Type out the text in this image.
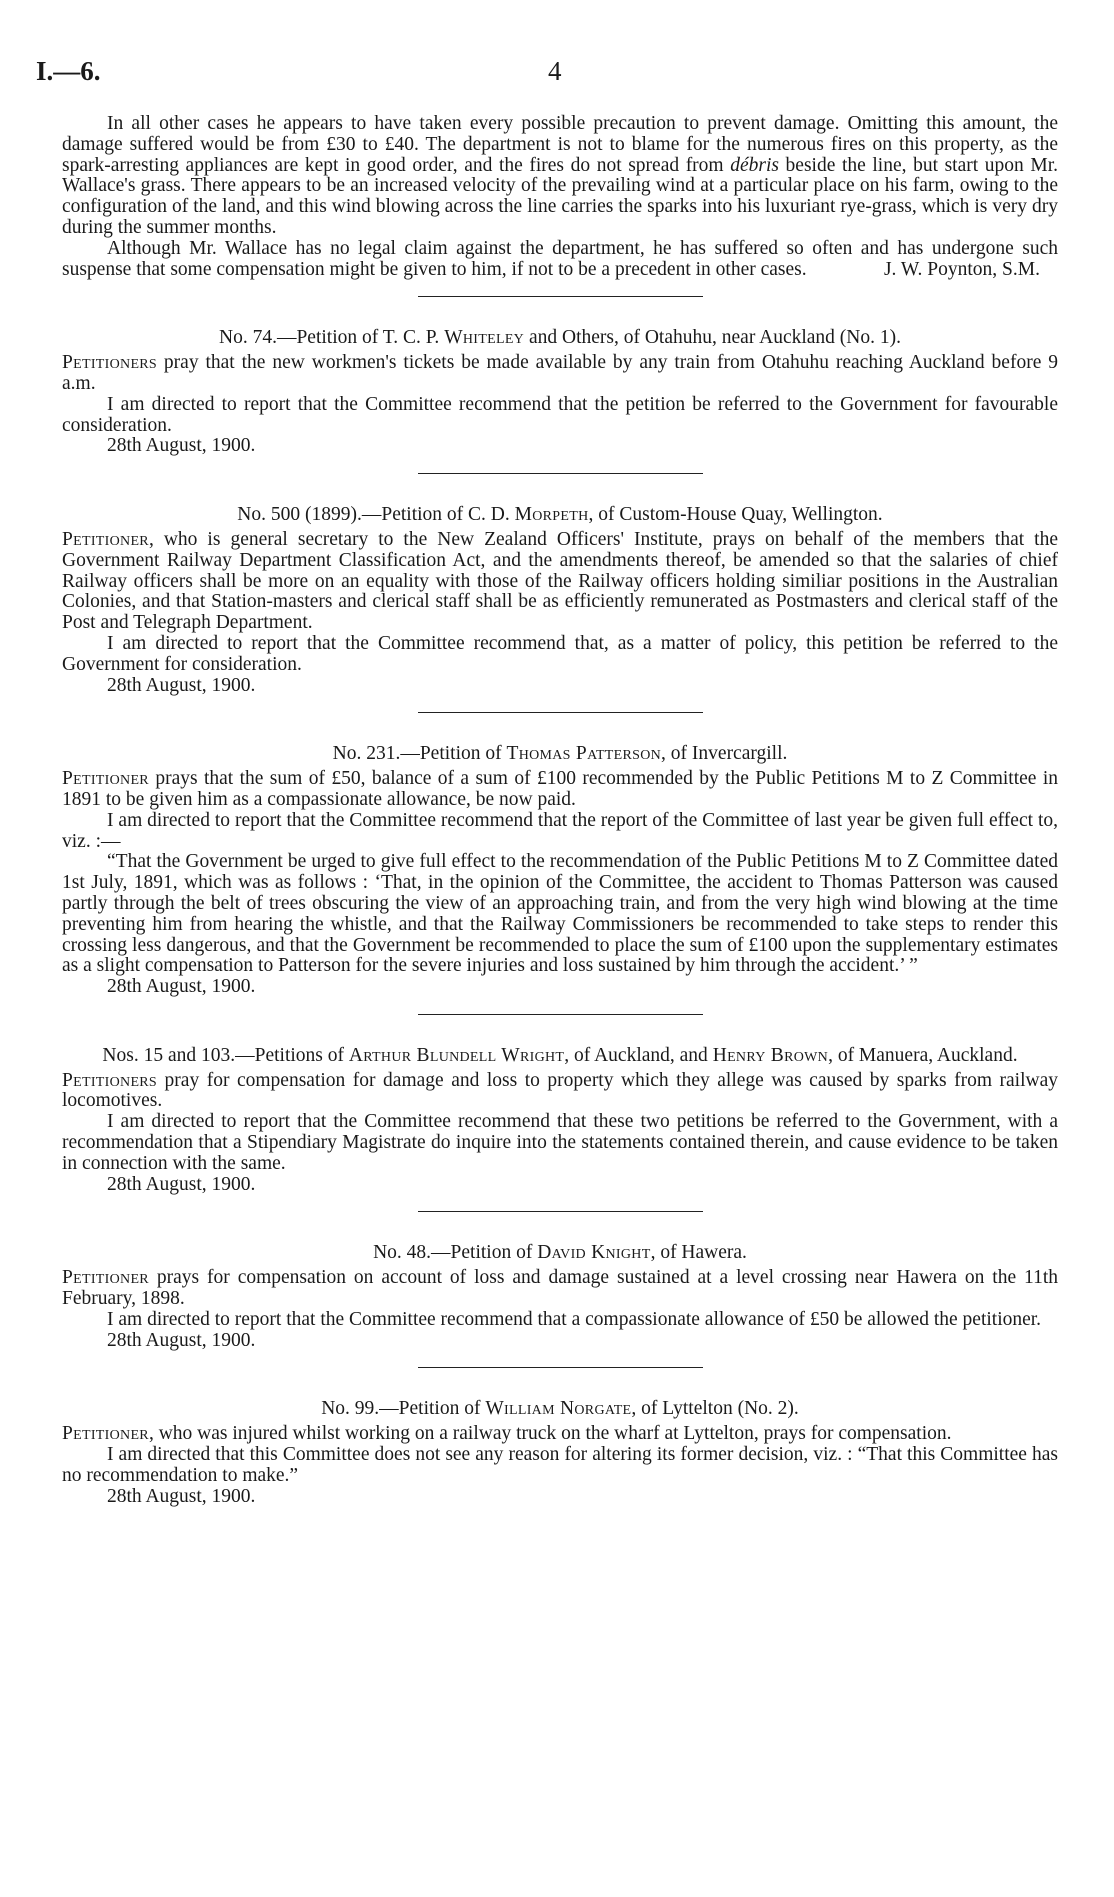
I.—6.	4

In all other cases he appears to have taken every possible precaution to prevent damage. Omitting this amount, the damage suffered would be from £30 to £40. The department is not to blame for the numerous fires on this property, as the spark-arresting appliances are kept in good order, and the fires do not spread from débris beside the line, but start upon Mr. Wallace's grass. There appears to be an increased velocity of the prevailing wind at a particular place on his farm, owing to the configuration of the land, and this wind blowing across the line carries the sparks into his luxuriant rye-grass, which is very dry during the summer months.

Although Mr. Wallace has no legal claim against the department, he has suffered so often and has undergone such suspense that some compensation might be given to him, if not to be a precedent in other cases.	J. W. Poynton, S.M.

No. 74.—Petition of T. C. P. Whiteley and Others, of Otahuhu, near Auckland (No. 1).

Petitioners pray that the new workmen's tickets be made available by any train from Otahuhu reaching Auckland before 9 a.m.

I am directed to report that the Committee recommend that the petition be referred to the Government for favourable consideration.

28th August, 1900.

No. 500 (1899).—Petition of C. D. Morpeth, of Custom-House Quay, Wellington.

Petitioner, who is general secretary to the New Zealand Officers' Institute, prays on behalf of the members that the Government Railway Department Classification Act, and the amendments thereof, be amended so that the salaries of chief Railway officers shall be more on an equality with those of the Railway officers holding similiar positions in the Australian Colonies, and that Station-masters and clerical staff shall be as efficiently remunerated as Postmasters and clerical staff of the Post and Telegraph Department.

I am directed to report that the Committee recommend that, as a matter of policy, this petition be referred to the Government for consideration.

28th August, 1900.

No. 231.—Petition of Thomas Patterson, of Invercargill.

Petitioner prays that the sum of £50, balance of a sum of £100 recommended by the Public Petitions M to Z Committee in 1891 to be given him as a compassionate allowance, be now paid.

I am directed to report that the Committee recommend that the report of the Committee of last year be given full effect to, viz. :—

“That the Government be urged to give full effect to the recommendation of the Public Petitions M to Z Committee dated 1st July, 1891, which was as follows : ‘That, in the opinion of the Committee, the accident to Thomas Patterson was caused partly through the belt of trees obscuring the view of an approaching train, and from the very high wind blowing at the time preventing him from hearing the whistle, and that the Railway Commissioners be recommended to take steps to render this crossing less dangerous, and that the Government be recommended to place the sum of £100 upon the supplementary estimates as a slight compensation to Patterson for the severe injuries and loss sustained by him through the accident.’ ”

28th August, 1900.

Nos. 15 and 103.—Petitions of Arthur Blundell Wright, of Auckland, and Henry Brown, of Manuera, Auckland.

Petitioners pray for compensation for damage and loss to property which they allege was caused by sparks from railway locomotives.

I am directed to report that the Committee recommend that these two petitions be referred to the Government, with a recommendation that a Stipendiary Magistrate do inquire into the statements contained therein, and cause evidence to be taken in connection with the same.

28th August, 1900.

No. 48.—Petition of David Knight, of Hawera.

Petitioner prays for compensation on account of loss and damage sustained at a level crossing near Hawera on the 11th February, 1898.

I am directed to report that the Committee recommend that a compassionate allowance of £50 be allowed the petitioner.

28th August, 1900.

No. 99.—Petition of William Norgate, of Lyttelton (No. 2).

Petitioner, who was injured whilst working on a railway truck on the wharf at Lyttelton, prays for compensation.

I am directed that this Committee does not see any reason for altering its former decision, viz. : “That this Committee has no recommendation to make.”

28th August, 1900.
